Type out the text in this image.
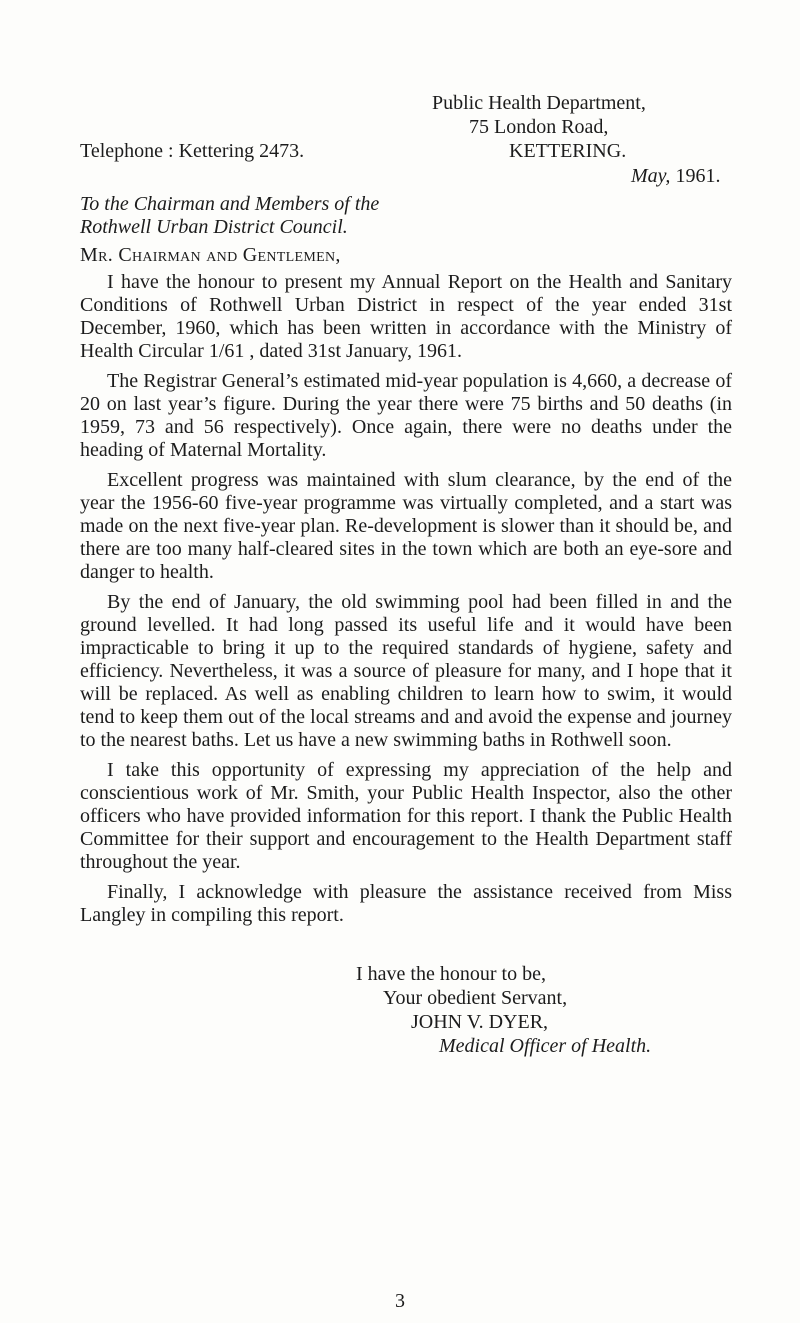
Public Health Department,
75 London Road,
Telephone : Kettering 2473.	KETTERING.
May, 1961.
To the Chairman and Members of the
Rothwell Urban District Council.
Mr. Chairman and Gentlemen,

I have the honour to present my Annual Report on the Health and Sanitary Conditions of Rothwell Urban District in respect of the year ended 31st December, 1960, which has been written in accordance with the Ministry of Health Circular 1/61 , dated 31st January, 1961.

The Registrar General’s estimated mid-year population is 4,660, a decrease of 20 on last year’s figure. During the year there were 75 births and 50 deaths (in 1959, 73 and 56 respectively). Once again, there were no deaths under the heading of Maternal Mortality.

Excellent progress was maintained with slum clearance, by the end of the year the 1956-60 five-year programme was virtually completed, and a start was made on the next five-year plan. Re-development is slower than it should be, and there are too many half-cleared sites in the town which are both an eye-sore and danger to health.

By the end of January, the old swimming pool had been filled in and the ground levelled. It had long passed its useful life and it would have been impracticable to bring it up to the required standards of hygiene, safety and efficiency. Nevertheless, it was a source of pleasure for many, and I hope that it will be replaced. As well as enabling children to learn how to swim, it would tend to keep them out of the local streams and and avoid the expense and journey to the nearest baths. Let us have a new swimming baths in Rothwell soon.

I take this opportunity of expressing my appreciation of the help and conscientious work of Mr. Smith, your Public Health Inspector, also the other officers who have provided information for this report. I thank the Public Health Committee for their support and encouragement to the Health Department staff throughout the year.

Finally, I acknowledge with pleasure the assistance received from Miss Langley in compiling this report.

I have the honour to be,
Your obedient Servant,
JOHN V. DYER,
Medical Officer of Health.
3
